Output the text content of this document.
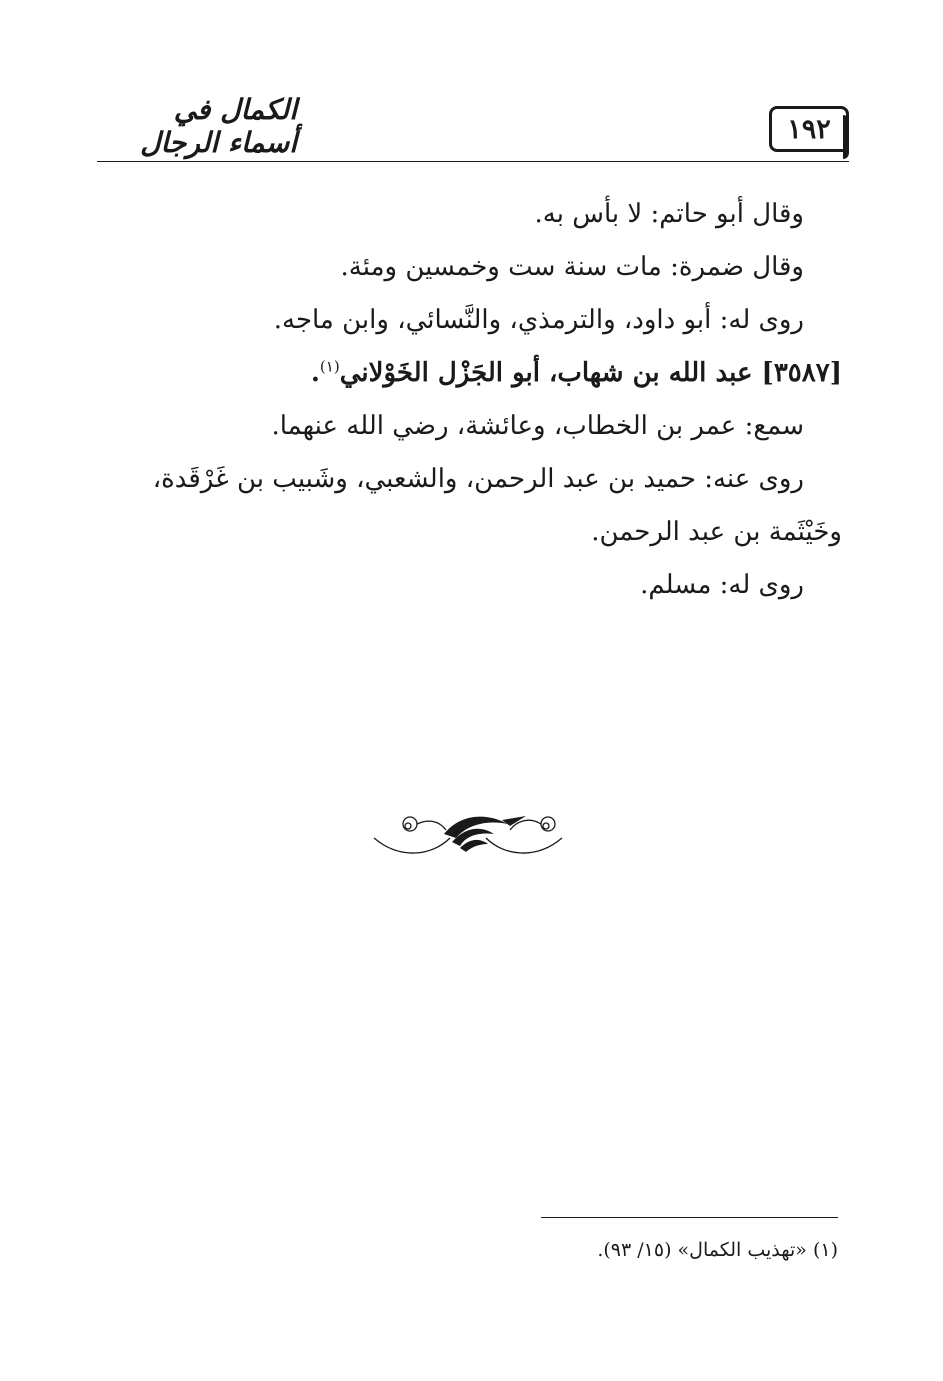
١٩٢
الكمال في أسماء الرجال

وقال أبو حاتم: لا بأس به.

وقال ضمرة: مات سنة ست وخمسين ومئة.

روى له: أبو داود، والترمذي، والنَّسائي، وابن ماجه.

[٣٥٨٧] عبد الله بن شهاب، أبو الجَزْل الخَوْلاني$^{(١)}$.

سمع: عمر بن الخطاب، وعائشة، رضي الله عنهما.

روى عنه: حميد بن عبد الرحمن، والشعبي، وشَبيب بن غَرْقَدة،

وخَيْثَمة بن عبد الرحمن.

روى له: مسلم.

(١) «تهذيب الكمال» (١٥/ ٩٣).
